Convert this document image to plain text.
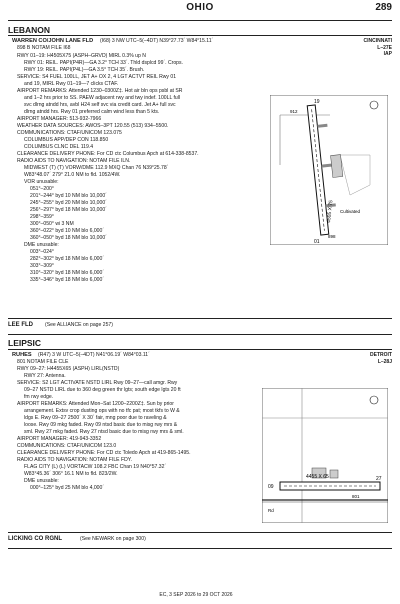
OHIO	289
LEBANON
WARREN CO/JOHN LANE FLD (I68) 3 NW UTC–5(–4DT) N39°27.73´ W84°15.11´	CINCINNATI
898 B NOTAM FILE I68	L–27E
IAP
RWY 01–19: H4505X75 (ASPH–GRVD) MIRL 0.3% up N
RWY 01: REIL. PAPI(P4R)—GA 3.2° TCH 33´. Thld dsplcd 99´. Crops.
RWY 19: REIL. PAPI(P4L)—GA 3.5° TCH 35´. Brush.
SERVICE: S4 FUEL 100LL, JET A+ OX 2, 4 LGT ACTVT REIL Rwy 01
and 19, MIRL Rwy 01–19—7 clicks CTAF.
AIRPORT REMARKS: Attended 1230–0300Z‡. Hot air bln ops psbl at SR
and 1–2 hrs prior to SS. PAEW adjacent rwy and twy indef. 100LL full
svc dlrng atndd hrs, avbl H24 self svc via credit card. Jet A+ full svc
dlrng atndd hrs. Rwy 01 preferred calm wind less than 5 kts.
AIRPORT MANAGER: 513-932-7966
WEATHER DATA SOURCES: AWOS–3PT 120.55 (513) 934–5500.
COMMUNICATIONS: CTAF/UNICOM 123.075
COLUMBUS APP/DEP CON 118.850
COLUMBUS CLNC DEL 119.4
CLEARANCE DELIVERY PHONE: For CD ctc Columbus Apch at 614-338-8537.
RADIO AIDS TO NAVIGATION: NOTAM FILE ILN.
MIDWEST (T) (T) VORW/DME 112.9 MXQ Chan 76 N39°25.78´
W83°48.07´ 279° 21.0 NM to fld. 1052/4W.
VOR unusable:
051°–200°
201°–244° byd 10 NM blo 10,000´
245°–255° byd 20 NM blo 10,000´
256°–297° byd 18 NM blo 10,000´
298°–359°
300°–050° wi 3 NM
360°–022° byd 10 NM blo 6,000´
360°–050° byd 18 NM blo 10,000´
DME unusable:
003°–024°
282°–302° byd 18 NM blo 6,000´
303°–309°
310°–320° byd 18 NM blo 6,000´
335°–346° byd 18 NM blo 6,000´
4505 X 75
19
01
912
898
Cultivated
LEE FLD (See ALLIANCE on page 257)
LEIPSIC
RUHES (R47) 3 W UTC–5(–4DT) N41°06.19´ W84°03.11´	DETROIT
801 NOTAM FILE CLE	L–28J
RWY 09–27: H4455X65 (ASPH) LIRL(NSTD)
RWY 27: Antenna.
SERVICE: S2 LGT ACTIVATE NSTD LIRL Rwy 09–27—call amgr. Rwy
09–27 NSTD LIRL due to 360 deg green thr lgts; south edge lgts 20 ft
fm rwy edge.
AIRPORT REMARKS: Attended Mon–Sat 1200–2200Z‡. Sun by prior
arrangement. Extsv crop dusting ops with no tfc pat; most tkfs to W &
ldgs E. Rwy 09–27 2500´ X 30´ fair, mng poor due to raveling &
loose. Rwy 09 mkg faded. Rwy 09 ntsd basic due to misg rwy mrs &
sml. Rwy 27 mkg faded. Rwy 27 ntsd basic due to misg rwy mrs & sml.
AIRPORT MANAGER: 419-943-3352
COMMUNICATIONS: CTAF/UNICOM 123.0
CLEARANCE DELIVERY PHONE: For CD ctc Toledo Apch at 419-865-1495.
RADIO AIDS TO NAVIGATION: NOTAM FILE FDY.
FLAG CITY (L) (L) VORTACW 108.2 FBC Chan 19 N40°57.32´
W83°45.36´ 306° 16.1 NM to fld. 823/2W.
DME unusable:
000°–125° byd 25 NM blo 4,000´
4455 X 65
09
27
801
Rd
LICKING CO RGNL	(See NEWARK on page 300)
EC, 3 SEP 2026 to 29 OCT 2026
